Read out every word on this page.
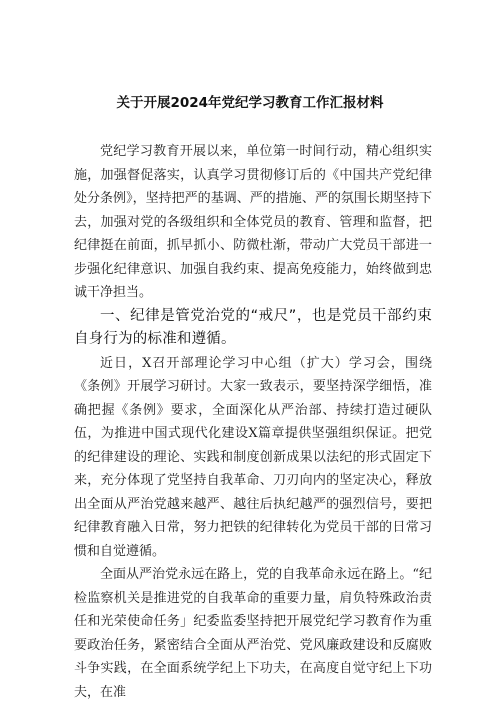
关于开展2024年党纪学习教育工作汇报材料

党纪学习教育开展以来，单位第一时间行动，精心组织实施，加强督促落实，认真学习贯彻修订后的《中国共产党纪律处分条例》，坚持把严的基调、严的措施、严的氛围长期坚持下去，加强对党的各级组织和全体党员的教育、管理和监督，把纪律挺在前面，抓早抓小、防微杜渐，带动广大党员干部进一步强化纪律意识、加强自我约束、提高免疫能力，始终做到忠诚干净担当。

一、纪律是管党治党的“戒尺”，也是党员干部约束自身行为的标准和遵循。

近日，X召开部理论学习中心组（扩大）学习会，围绕《条例》开展学习研讨。大家一致表示，要坚持深学细悟，准确把握《条例》要求，全面深化从严治部、持续打造过硬队伍，为推进中国式现代化建设X篇章提供坚强组织保证。把党的纪律建设的理论、实践和制度创新成果以法纪的形式固定下来，充分体现了党坚持自我革命、刀刃向内的坚定决心，释放出全面从严治党越来越严、越往后执纪越严的强烈信号，要把纪律教育融入日常，努力把铁的纪律转化为党员干部的日常习惯和自觉遵循。

全面从严治党永远在路上，党的自我革命永远在路上。“纪检监察机关是推进党的自我革命的重要力量，肩负特殊政治责任和光荣使命任务」纪委监委坚持把开展党纪学习教育作为重要政治任务，紧密结合全面从严治党、党风廉政建设和反腐败斗争实践，在全面系统学纪上下功夫，在高度自觉守纪上下功夫，在准
